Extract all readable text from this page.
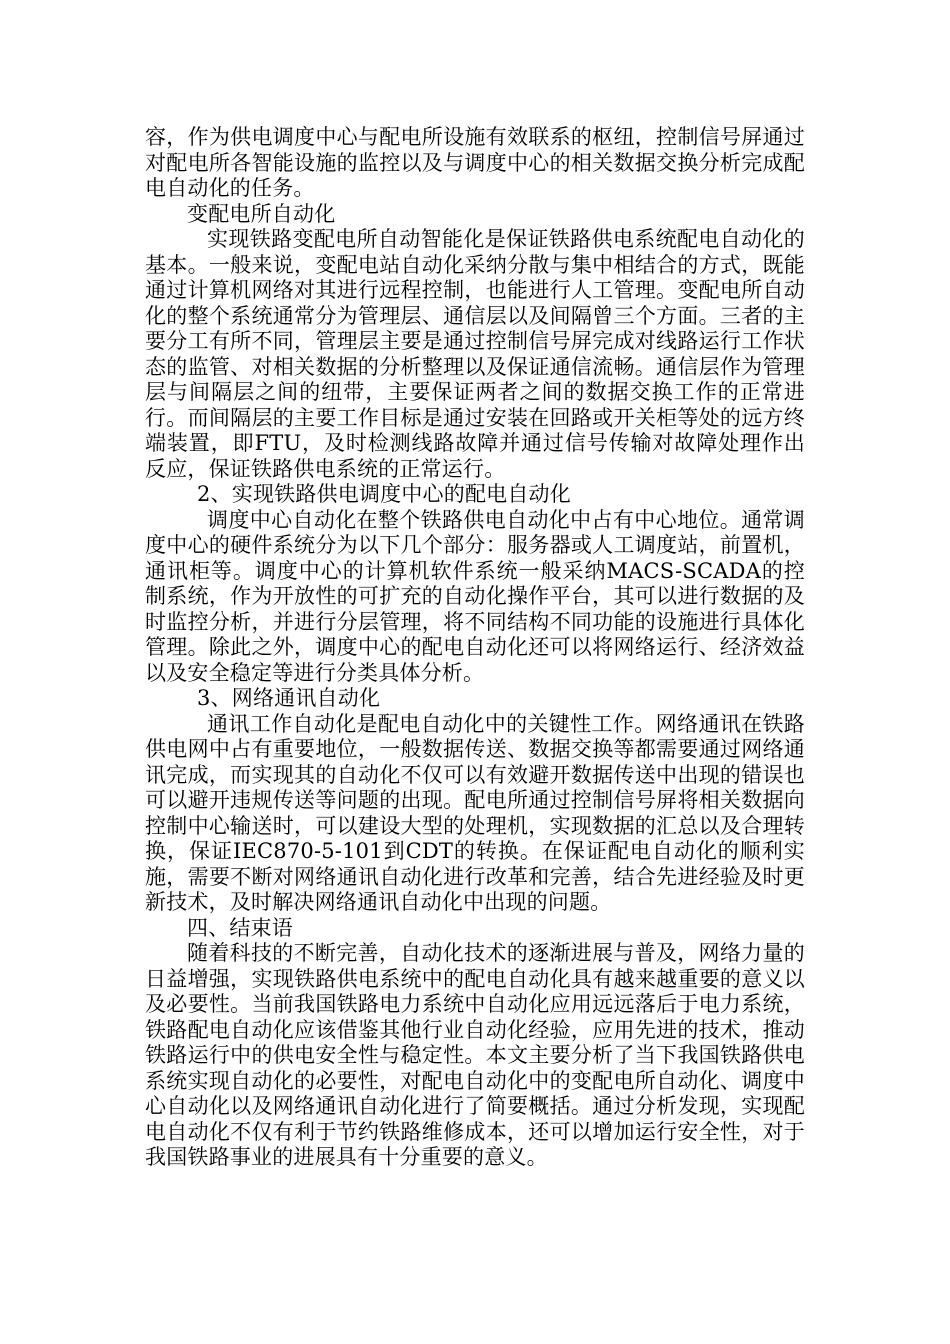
容，作为供电调度中心与配电所设施有效联系的枢纽，控制信号屏通过对配电所各智能设施的监控以及与调度中心的相关数据交换分析完成配电自动化的任务。

变配电所自动化

实现铁路变配电所自动智能化是保证铁路供电系统配电自动化的基本。一般来说，变配电站自动化采纳分散与集中相结合的方式，既能通过计算机网络对其进行远程控制，也能进行人工管理。变配电所自动化的整个系统通常分为管理层、通信层以及间隔曾三个方面。三者的主要分工有所不同，管理层主要是通过控制信号屏完成对线路运行工作状态的监管、对相关数据的分析整理以及保证通信流畅。通信层作为管理层与间隔层之间的纽带，主要保证两者之间的数据交换工作的正常进行。而间隔层的主要工作目标是通过安装在回路或开关柜等处的远方终端装置，即FTU，及时检测线路故障并通过信号传输对故障处理作出反应，保证铁路供电系统的正常运行。

2、实现铁路供电调度中心的配电自动化

调度中心自动化在整个铁路供电自动化中占有中心地位。通常调度中心的硬件系统分为以下几个部分：服务器或人工调度站，前置机，通讯柜等。调度中心的计算机软件系统一般采纳MACS-SCADA的控制系统，作为开放性的可扩充的自动化操作平台，其可以进行数据的及时监控分析，并进行分层管理，将不同结构不同功能的设施进行具体化管理。除此之外，调度中心的配电自动化还可以将网络运行、经济效益以及安全稳定等进行分类具体分析。

3、网络通讯自动化

通讯工作自动化是配电自动化中的关键性工作。网络通讯在铁路供电网中占有重要地位，一般数据传送、数据交换等都需要通过网络通讯完成，而实现其的自动化不仅可以有效避开数据传送中出现的错误也可以避开违规传送等问题的出现。配电所通过控制信号屏将相关数据向控制中心输送时，可以建设大型的处理机，实现数据的汇总以及合理转换，保证IEC870-5-101到CDT的转换。在保证配电自动化的顺利实施，需要不断对网络通讯自动化进行改革和完善，结合先进经验及时更新技术，及时解决网络通讯自动化中出现的问题。

四、结束语

随着科技的不断完善，自动化技术的逐渐进展与普及，网络力量的日益增强，实现铁路供电系统中的配电自动化具有越来越重要的意义以及必要性。当前我国铁路电力系统中自动化应用远远落后于电力系统，铁路配电自动化应该借鉴其他行业自动化经验，应用先进的技术，推动铁路运行中的供电安全性与稳定性。本文主要分析了当下我国铁路供电系统实现自动化的必要性，对配电自动化中的变配电所自动化、调度中心自动化以及网络通讯自动化进行了简要概括。通过分析发现，实现配电自动化不仅有利于节约铁路维修成本，还可以增加运行安全性，对于我国铁路事业的进展具有十分重要的意义。
